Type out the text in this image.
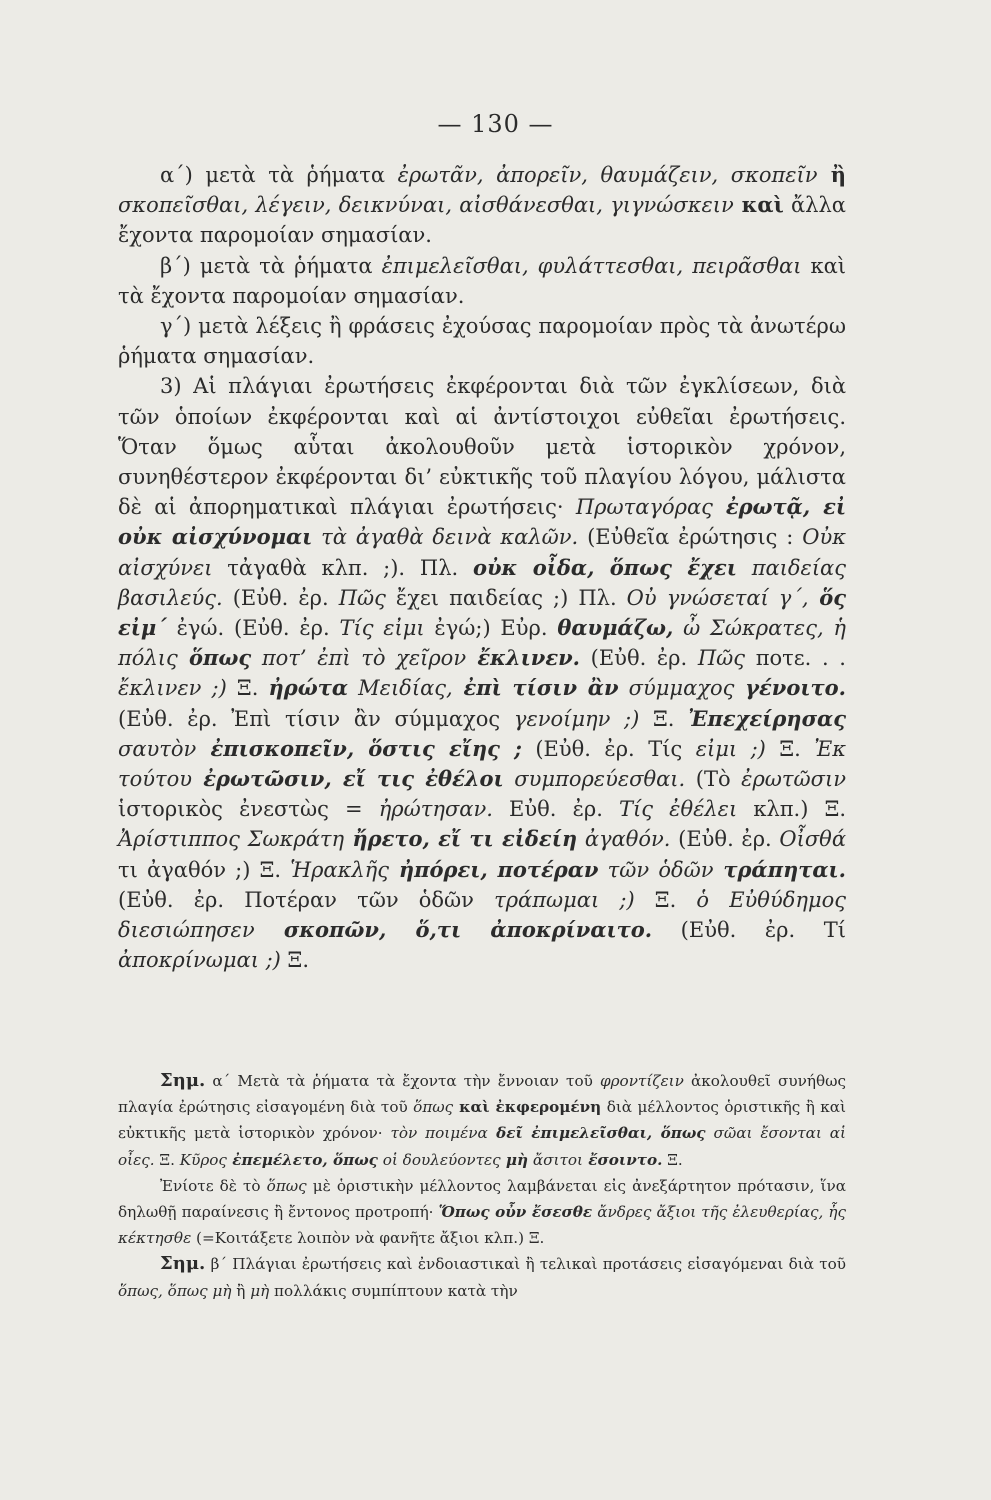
— 130 —

α΄) μετὰ τὰ ῥήματα ἐρωτᾶν, ἀπορεῖν, θαυμάζειν, σκοπεῖν ἢ σκοπεῖσθαι, λέγειν, δεικνύναι, αἰσθάνεσθαι, γιγνώσκειν καὶ ἄλλα ἔχοντα παρομοίαν σημασίαν.

β΄) μετὰ τὰ ῥήματα ἐπιμελεῖσθαι, φυλάττεσθαι, πειρᾶσθαι καὶ τὰ ἔχοντα παρομοίαν σημασίαν.

γ΄) μετὰ λέξεις ἢ φράσεις ἐχούσας παρομοίαν πρὸς τὰ ἀνωτέρω ῥήματα σημασίαν.

3) Αἱ πλάγιαι ἐρωτήσεις ἐκφέρονται διὰ τῶν ἐγκλίσεων, διὰ τῶν ὁποίων ἐκφέρονται καὶ αἱ ἀντίστοιχοι εὐθεῖαι ἐρωτήσεις. Ὅταν ὅμως αὗται ἀκολουθοῦν μετὰ ἱστορικὸν χρόνον, συνηθέστερον ἐκφέρονται δι’ εὐκτικῆς τοῦ πλαγίου λόγου, μάλιστα δὲ αἱ ἀπορηματικαὶ πλάγιαι ἐρωτήσεις· Πρωταγόρας ἐρωτᾷ, εἰ οὐκ αἰσχύνομαι τὰ ἀγαθὰ δεινὰ καλῶν. (Εὐθεῖα ἐρώτησις : Οὐκ αἰσχύνει τἀγαθὰ κλπ. ;). Πλ. οὐκ οἶδα, ὅπως ἔχει παιδείας βασιλεύς. (Εὐθ. ἐρ. Πῶς ἔχει παιδείας ;) Πλ. Οὐ γνώσεταί γ΄, ὅς εἰμ΄ ἐγώ. (Εὐθ. ἐρ. Τίς εἰμι ἐγώ;) Εὐρ. θαυμάζω, ὦ Σώκρατες, ἡ πόλις ὅπως ποτ’ ἐπὶ τὸ χεῖρον ἔκλινεν. (Εὐθ. ἐρ. Πῶς ποτε. . . ἔκλινεν ;) Ξ. ἠρώτα Μειδίας, ἐπὶ τίσιν ἂν σύμμαχος γένοιτο. (Εὐθ. ἐρ. Ἐπὶ τίσιν ἂν σύμμαχος γενοίμην ;) Ξ. Ἐπεχείρησας σαυτὸν ἐπισκοπεῖν, ὅστις εἴης ; (Εὐθ. ἐρ. Τίς εἰμι ;) Ξ. Ἐκ τούτου ἐρωτῶσιν, εἴ τις ἐθέλοι συμπορεύεσθαι. (Τὸ ἐρωτῶσιν ἱστορικὸς ἐνεστὼς = ἠρώτησαν. Εὐθ. ἐρ. Τίς ἐθέλει κλπ.) Ξ. Ἀρίστιππος Σωκράτη ἤρετο, εἴ τι εἰδείη ἀγαθόν. (Εὐθ. ἐρ. Οἶσθά τι ἀγαθόν ;) Ξ. Ἡρακλῆς ἠπόρει, ποτέραν τῶν ὁδῶν τράπηται. (Εὐθ. ἐρ. Ποτέραν τῶν ὁδῶν τράπωμαι ;) Ξ. ὁ Εὐθύδημος διεσιώπησεν σκοπῶν, ὅ,τι ἀποκρίναιτο. (Εὐθ. ἐρ. Τί ἀποκρίνωμαι ;) Ξ.

Σημ. α΄ Μετὰ τὰ ῥήματα τὰ ἔχοντα τὴν ἔννοιαν τοῦ φροντίζειν ἀκολουθεῖ συνήθως πλαγία ἐρώτησις εἰσαγομένη διὰ τοῦ ὅπως καὶ ἐκφερομένη διὰ μέλλοντος ὁριστικῆς ἢ καὶ εὐκτικῆς μετὰ ἱστορικὸν χρόνον· τὸν ποιμένα δεῖ ἐπιμελεῖσθαι, ὅπως σῶαι ἔσονται αἱ οἶες. Ξ. Κῦρος ἐπεμέλετο, ὅπως οἱ δουλεύοντες μὴ ἄσιτοι ἔσοιντο. Ξ.

Ἐνίοτε δὲ τὸ ὅπως μὲ ὁριστικὴν μέλλοντος λαμβάνεται εἰς ἀνεξάρτητον πρότασιν, ἵνα δηλωθῇ παραίνεσις ἢ ἔντονος προτροπή· Ὅπως οὖν ἔσεσθε ἄνδρες ἄξιοι τῆς ἐλευθερίας, ἧς κέκτησθε (=Κοιτάξετε λοιπὸν νὰ φανῆτε ἄξιοι κλπ.) Ξ.

Σημ. β΄ Πλάγιαι ἐρωτήσεις καὶ ἐνδοιαστικαὶ ἢ τελικαὶ προτάσεις εἰσαγόμεναι διὰ τοῦ ὅπως, ὅπως μὴ ἢ μὴ πολλάκις συμπίπτουν κατὰ τὴν
